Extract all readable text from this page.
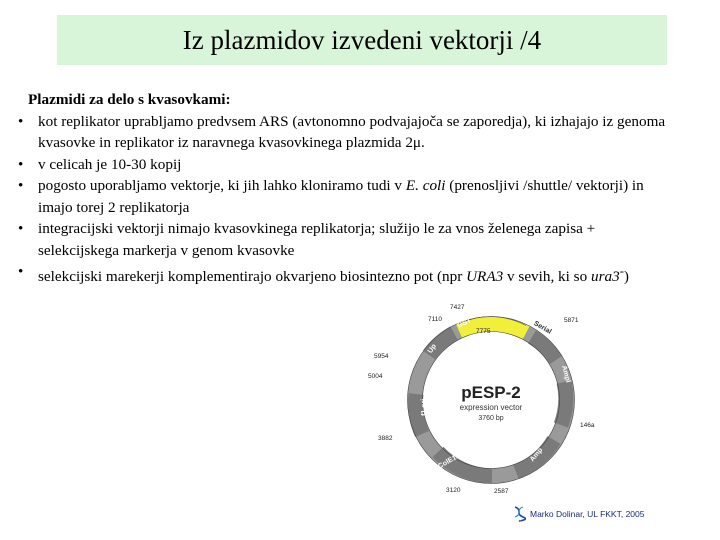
Iz plazmidov izvedeni vektorji /4
Plazmidi za delo s kvasovkami:
• kot replikator uprabljamo predvsem ARS (avtonomno podvajajoča se zaporedja), ki izhajajo iz genoma kvasovke in replikator iz naravnega kvasovkinega plazmida 2μ.
• v celicah je 10-30 kopij
• pogosto uporabljamo vektorje, ki jih lahko kloniramo tudi v E. coli (prenosljivi /shuttle/ vektorji) in imajo torej 2 replikatorja
• integracijski vektorji nimajo kvasovkinega replikatorja; služijo le za vnos želenega zapisa + selekcijskega markerja v genom kvasovke
• selekcijski marekerji komplementirajo okvarjeno biosintezno pot (npr URA3 v sevih, ki so ura3-)
GST	Serial
Ampl
Up
ColE1 origin	Amp
f1 ori
7427
7110
7775
5871
5954
5004
146a
3882
3120	2587
pESP-2
expression vector
3760 bp
Marko Dolinar, UL FKKT, 2005
